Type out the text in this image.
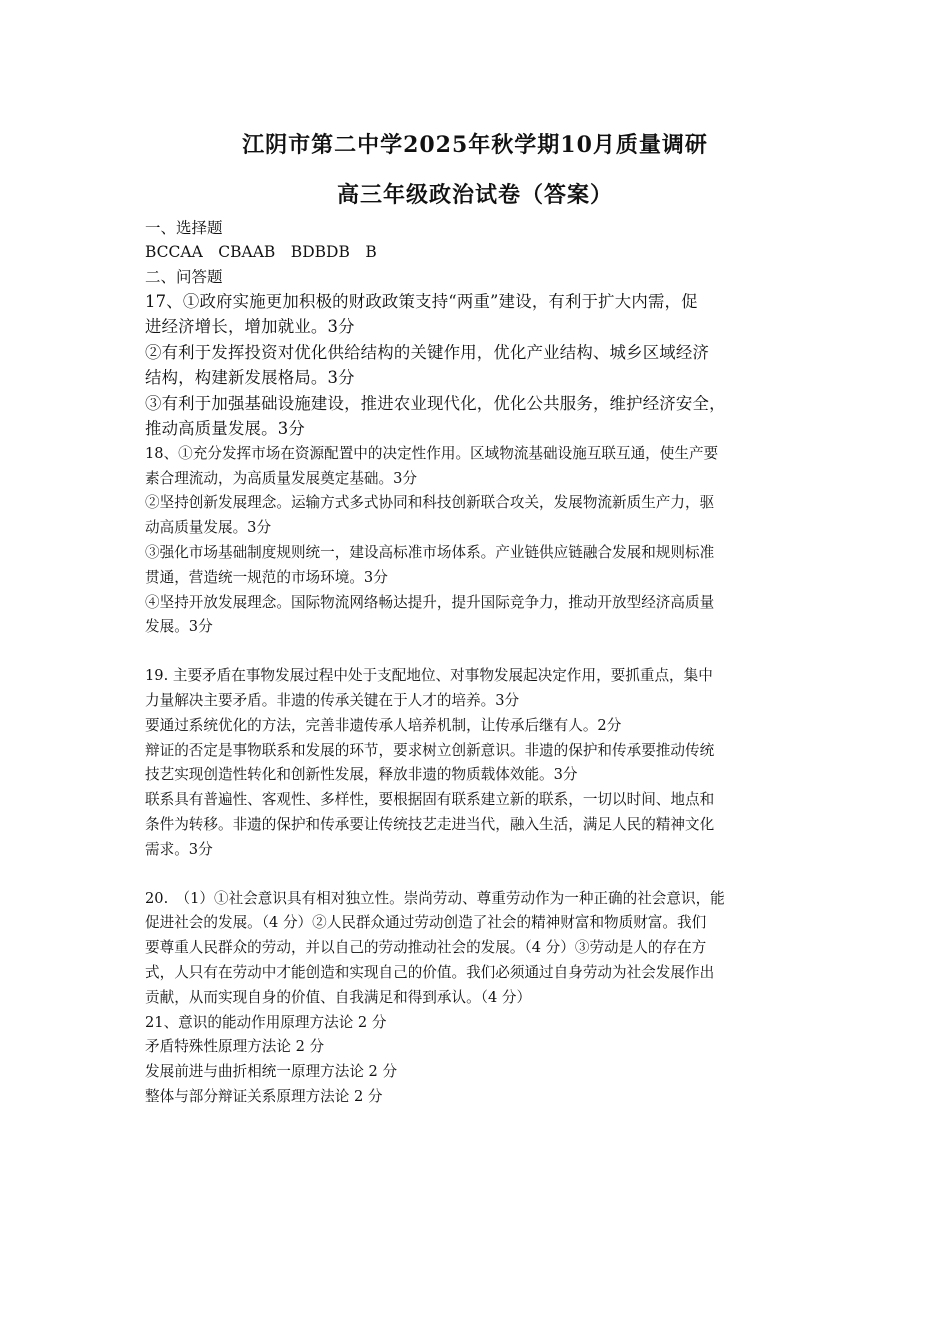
江阴市第二中学2025年秋学期10月质量调研
高三年级政治试卷（答案）

一、选择题

BCCAA　CBAAB　BDBDB　B

二、问答题

17、①政府实施更加积极的财政政策支持“两重”建设，有利于扩大内需，促

进经济增长，增加就业。3分

②有利于发挥投资对优化供给结构的关键作用，优化产业结构、城乡区域经济

结构，构建新发展格局。3分

③有利于加强基础设施建设，推进农业现代化，优化公共服务，维护经济安全，

推动高质量发展。3分

18、①充分发挥市场在资源配置中的决定性作用。区域物流基础设施互联互通，使生产要

素合理流动，为高质量发展奠定基础。3分

②坚持创新发展理念。运输方式多式协同和科技创新联合攻关，发展物流新质生产力，驱

动高质量发展。3分

③强化市场基础制度规则统一，建设高标准市场体系。产业链供应链融合发展和规则标准

贯通，营造统一规范的市场环境。3分

④坚持开放发展理念。国际物流网络畅达提升，提升国际竞争力，推动开放型经济高质量

发展。3分

19. 主要矛盾在事物发展过程中处于支配地位、对事物发展起决定作用，要抓重点，集中

力量解决主要矛盾。非遗的传承关键在于人才的培养。3分

要通过系统优化的方法，完善非遗传承人培养机制，让传承后继有人。2分

辩证的否定是事物联系和发展的环节，要求树立创新意识。非遗的保护和传承要推动传统

技艺实现创造性转化和创新性发展，释放非遗的物质载体效能。3分

联系具有普遍性、客观性、多样性，要根据固有联系建立新的联系，一切以时间、地点和

条件为转移。非遗的保护和传承要让传统技艺走进当代，融入生活，满足人民的精神文化

需求。3分

20.　（1）①社会意识具有相对独立性。崇尚劳动、尊重劳动作为一种正确的社会意识，能

促进社会的发展。（4 分）②人民群众通过劳动创造了社会的精神财富和物质财富。我们

要尊重人民群众的劳动，并以自己的劳动推动社会的发展。（4 分）③劳动是人的存在方

式，人只有在劳动中才能创造和实现自己的价值。我们必须通过自身劳动为社会发展作出

贡献，从而实现自身的价值、自我满足和得到承认。（4 分）

21、意识的能动作用原理方法论 2 分

矛盾特殊性原理方法论 2 分

发展前进与曲折相统一原理方法论 2 分

整体与部分辩证关系原理方法论 2 分
